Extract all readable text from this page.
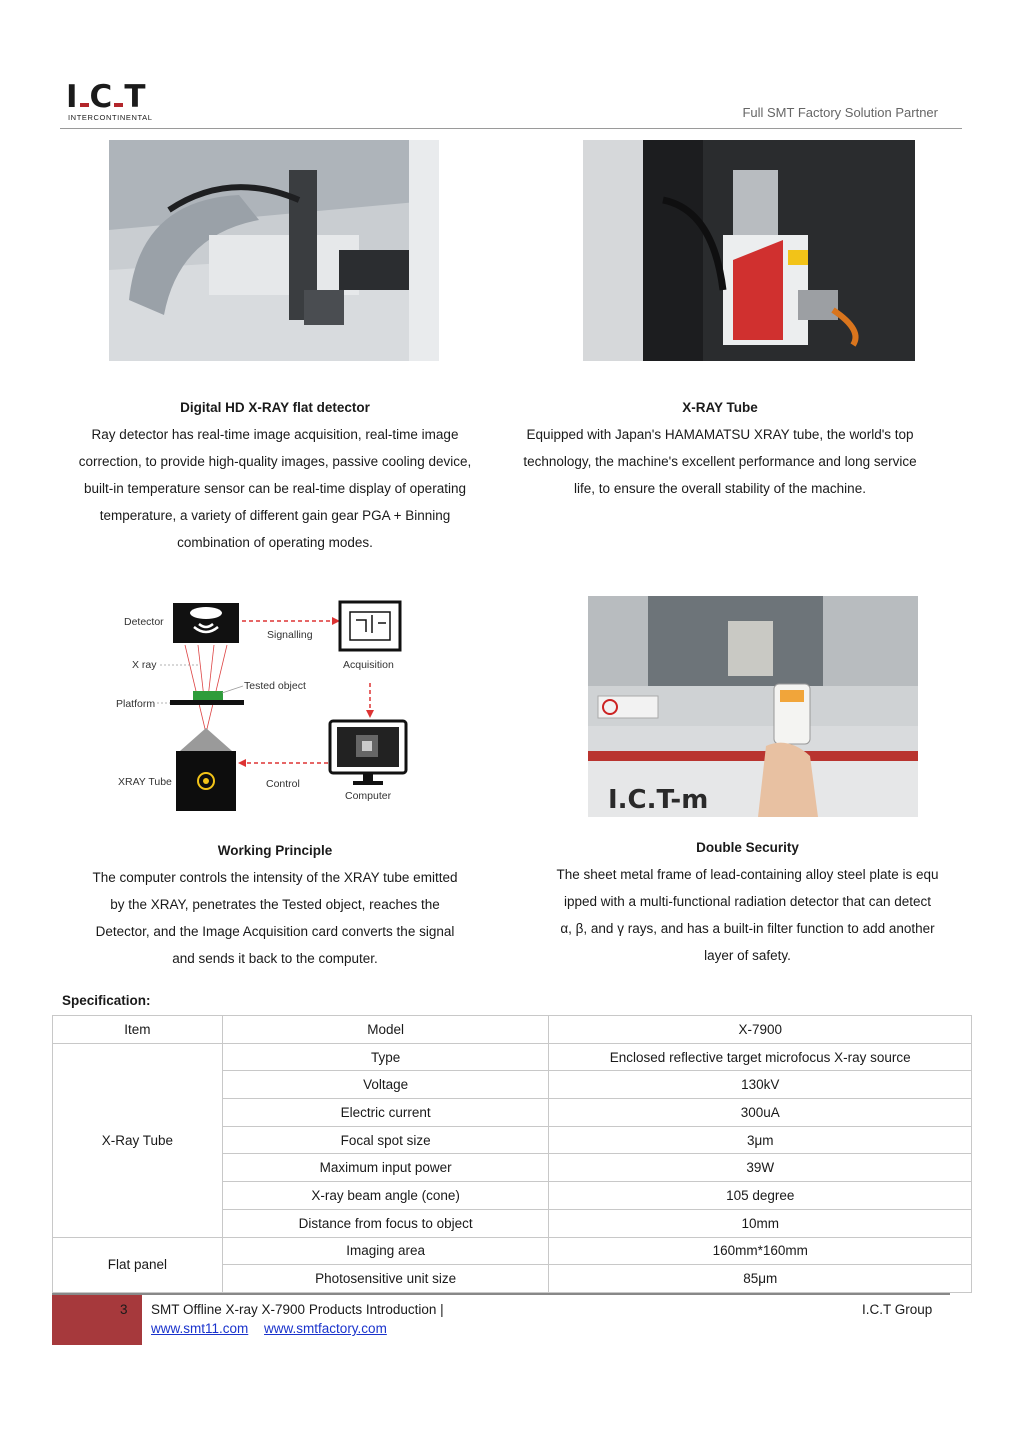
I C T
INTERCONTINENTAL	Full SMT Factory Solution Partner
Digital HD X-RAY flat detector
Ray detector has real-time image acquisition, real-time image
correction, to provide high-quality images, passive cooling device,
built-in temperature sensor can be real-time display of operating
temperature, a variety of different gain gear PGA + Binning
combination of operating modes.
X-RAY Tube
Equipped with Japan's HAMAMATSU XRAY tube, the world's top
technology, the machine's excellent performance and long service
life, to ensure the overall stability of the machine.
Detector
Signalling
Acquisition
X ray
Tested object
Platform
XRAY Tube	Control
Computer	I.C.T-m
Working Principle
The computer controls the intensity of the XRAY tube emitted
by the XRAY, penetrates the Tested object, reaches the
Detector, and the Image Acquisition card converts the signal
and sends it back to the computer.
Double Security
The sheet metal frame of lead-containing alloy steel plate is equ
ipped with a multi-functional radiation detector that can detect
α, β, and γ rays, and has a built-in filter function to add another
layer of safety.
Specification:
Item	Model	X-7900
X-Ray Tube	Type	Enclosed reflective target microfocus X-ray source
	Voltage	130kV
	Electric current	300uA
	Focal spot size	3μm
	Maximum input power	39W
	X-ray beam angle (cone)	105 degree
	Distance from focus to object	10mm
Flat panel	Imaging area	160mm*160mm
	Photosensitive unit size	85μm
3 SMT Offline X-ray X-7900 Products Introduction |	I.C.T Group
www.smt11.com www.smtfactory.com
